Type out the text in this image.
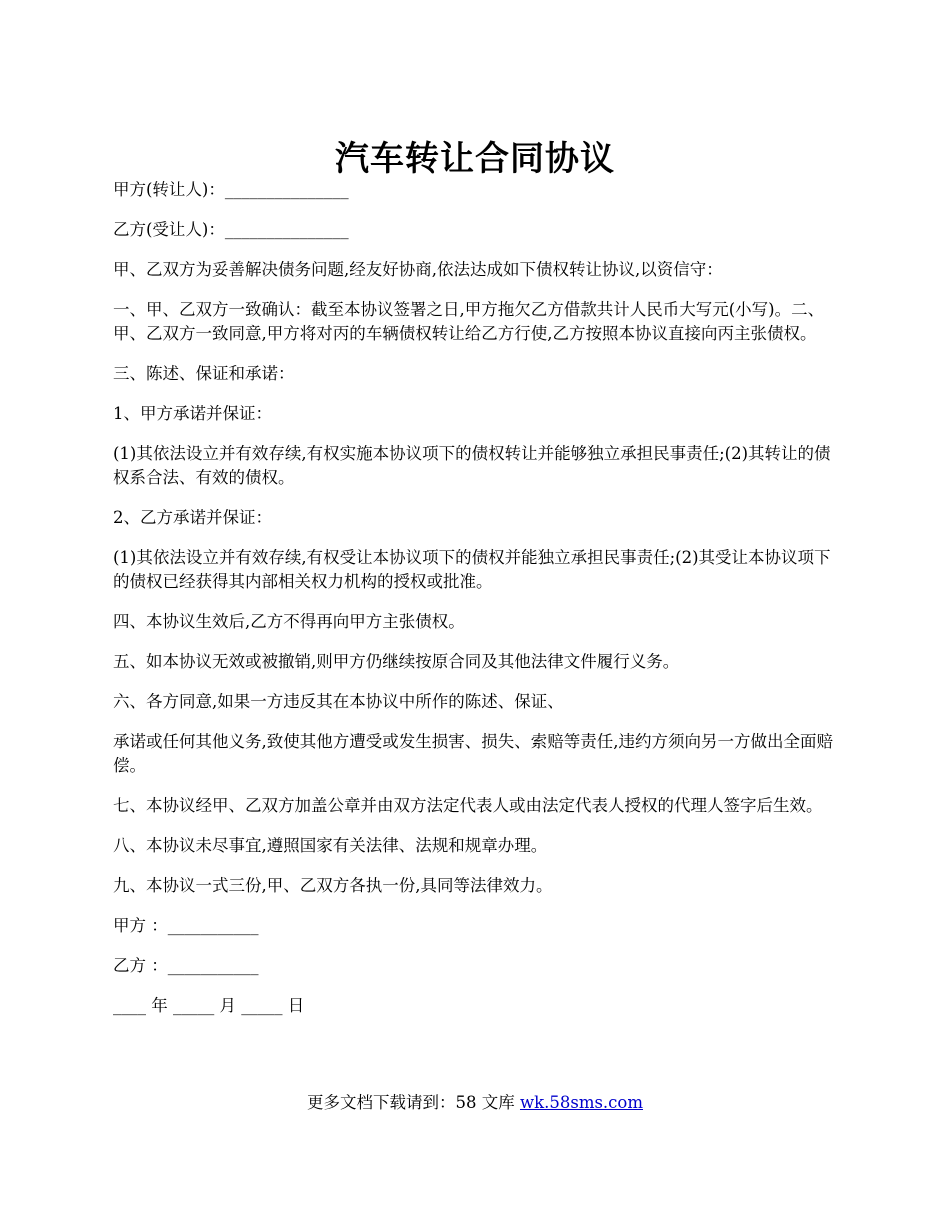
汽车转让合同协议

甲方(转让人)：_______________

乙方(受让人)：_______________

甲、乙双方为妥善解决债务问题,经友好协商,依法达成如下债权转让协议,以资信守：

一、甲、乙双方一致确认：截至本协议签署之日,甲方拖欠乙方借款共计人民币大写元(小写)。二、甲、乙双方一致同意,甲方将对丙的车辆债权转让给乙方行使,乙方按照本协议直接向丙主张债权。

三、陈述、保证和承诺：

1、甲方承诺并保证：

(1)其依法设立并有效存续,有权实施本协议项下的债权转让并能够独立承担民事责任;(2)其转让的债权系合法、有效的债权。

2、乙方承诺并保证：

(1)其依法设立并有效存续,有权受让本协议项下的债权并能独立承担民事责任;(2)其受让本协议项下的债权已经获得其内部相关权力机构的授权或批准。

四、本协议生效后,乙方不得再向甲方主张债权。

五、如本协议无效或被撤销,则甲方仍继续按原合同及其他法律文件履行义务。

六、各方同意,如果一方违反其在本协议中所作的陈述、保证、

承诺或任何其他义务,致使其他方遭受或发生损害、损失、索赔等责任,违约方须向另一方做出全面赔偿。

七、本协议经甲、乙双方加盖公章并由双方法定代表人或由法定代表人授权的代理人签字后生效。

八、本协议未尽事宜,遵照国家有关法律、法规和规章办理。

九、本协议一式三份,甲、乙双方各执一份,具同等法律效力。

甲方 ：___________

乙方 ：___________

____ 年 _____ 月 _____ 日

更多文档下载请到：58 文库 wk.58sms.com
